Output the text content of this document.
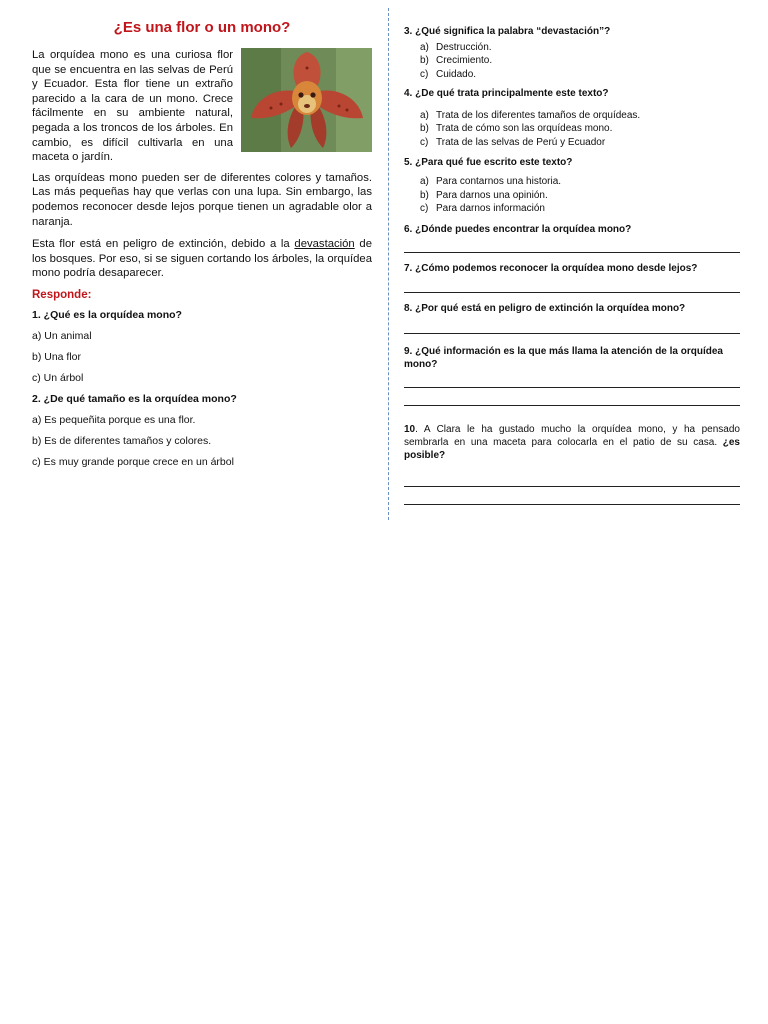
¿Es una flor o un mono?

La orquídea mono es una curiosa flor que se encuentra en las selvas de Perú y Ecuador. Esta flor tiene un extraño parecido a la cara de un mono. Crece fácilmente en su ambiente natural, pegada a los troncos de los árboles. En cambio, es difícil cultivarla en una maceta o jardín.

Las orquídeas mono pueden ser de diferentes colores y tamaños. Las más pequeñas hay que verlas con una lupa. Sin embargo, las podemos reconocer desde lejos porque tienen un agradable olor a naranja.

Esta flor está en peligro de extinción, debido a la devastación de los bosques. Por eso, si se siguen cortando los árboles, la orquídea mono podría desaparecer.

Responde:
1. ¿Qué es la orquídea mono?
a) Un animal
b) Una flor
c) Un árbol
2. ¿De qué tamaño es la orquídea mono?
a) Es pequeñita porque es una flor.
b) Es de diferentes tamaños y colores.
c) Es muy grande porque crece en un árbol
3. ¿Qué significa la palabra “devastación”?
a) Destrucción.
b) Crecimiento.
c) Cuidado.
4. ¿De qué trata principalmente este texto?
a) Trata de los diferentes tamaños de orquídeas.
b) Trata de cómo son las orquídeas mono.
c) Trata de las selvas de Perú y Ecuador
5. ¿Para qué fue escrito este texto?
a) Para contarnos una historia.
b) Para darnos una opinión.
c) Para darnos información
6. ¿Dónde puedes encontrar la orquídea mono?
7. ¿Cómo podemos reconocer la orquídea mono desde lejos?
8. ¿Por qué está en peligro de extinción la orquídea mono?
9. ¿Qué información es la que más llama la atención de la orquídea mono?

10. A Clara le ha gustado mucho la orquídea mono, y ha pensado sembrarla en una maceta para colocarla en el patio de su casa. ¿es posible?
